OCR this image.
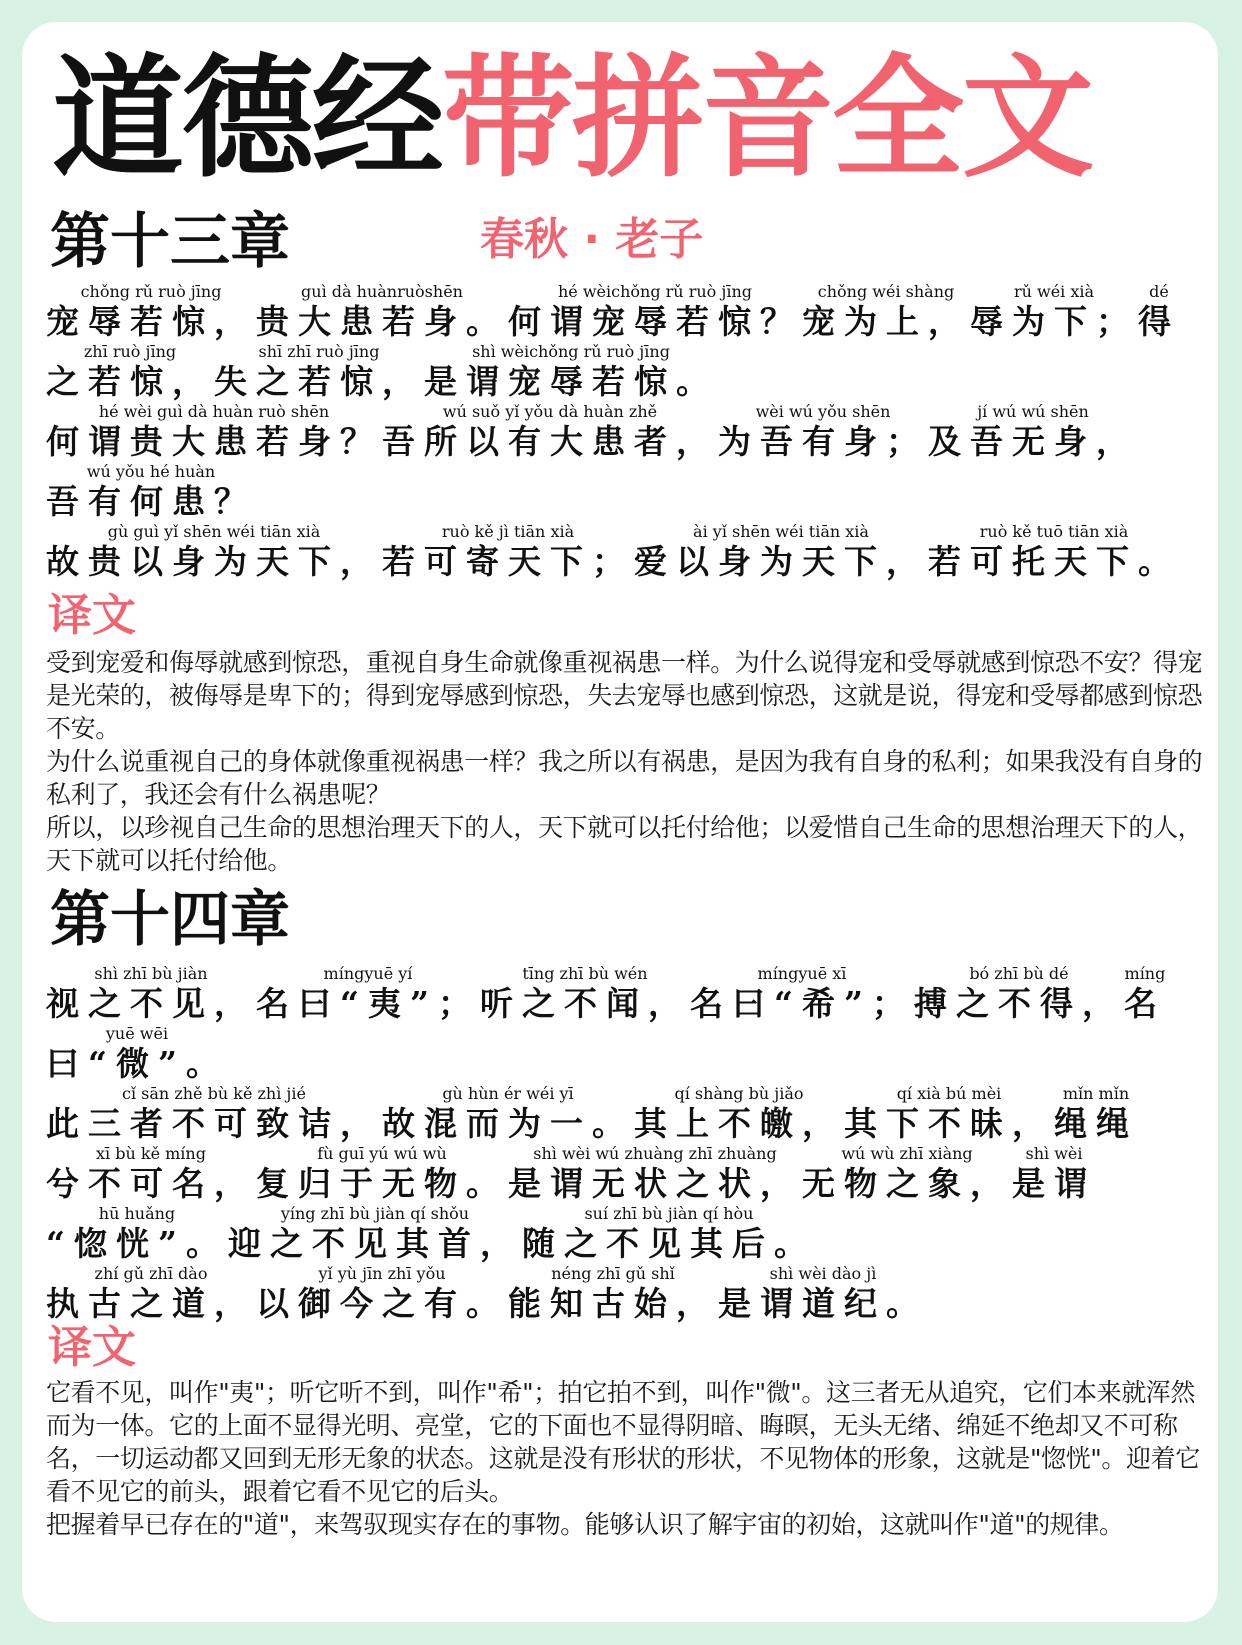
道德经带拼音全文

春秋 · 老子

第十三章
chǒng rǔ ruò jīng
宠辱若惊，
guì dà huànruòshēn
贵大患若身。
hé wèichǒng rǔ ruò jīng
何谓宠辱若惊？
chǒng wéi shàng
宠为上，
rǔ wéi xià
辱为下；
dé
得
zhī ruò jīng
之若惊，
shī zhī ruò jīng
失之若惊，
shì wèichǒng rǔ ruò jīng
是谓宠辱若惊。
hé wèi guì dà huàn ruò shēn
何谓贵大患若身？
wú suǒ yǐ yǒu dà huàn zhě
吾所以有大患者，
wèi wú yǒu shēn
为吾有身；
jí wú wú shēn
及吾无身，
wú yǒu hé huàn
吾有何患？
gù guì yǐ shēn wéi tiān xià
故贵以身为天下，
ruò kě jì tiān xià
若可寄天下；
ài yǐ shēn wéi tiān xià
爱以身为天下，
ruò kě tuō tiān xià
若可托天下。
译文

受到宠爱和侮辱就感到惊恐，重视自身生命就像重视祸患一样。为什么说得宠和受辱就感到惊恐不安？得宠是光荣的，被侮辱是卑下的；得到宠辱感到惊恐，失去宠辱也感到惊恐，这就是说，得宠和受辱都感到惊恐不安。

为什么说重视自己的身体就像重视祸患一样？我之所以有祸患，是因为我有自身的私利；如果我没有自身的私利了，我还会有什么祸患呢？

所以，以珍视自己生命的思想治理天下的人，天下就可以托付给他；以爱惜自己生命的思想治理天下的人，天下就可以托付给他。

第十四章
shì zhī bù jiàn
视之不见，
míngyuē yí
名曰“夷”；
tīng zhī bù wén
听之不闻，
míngyuē xī
名曰“希”；
bó zhī bù dé
搏之不得，
míng
名
yuē wēi
曰“微”。
cǐ sān zhě bù kě zhì jié
此三者不可致诘，
gù hùn ér wéi yī
故混而为一。
qí shàng bù jiǎo
其上不皦，
qí xià bú mèi
其下不昧，
mǐn mǐn
绳绳
xī bù kě míng
兮不可名，
fù guī yú wú wù
复归于无物。
shì wèi wú zhuàng zhī zhuàng
是谓无状之状，
wú wù zhī xiàng
无物之象，
shì wèi
是谓
hū huǎng
“惚恍”。
yíng zhī bù jiàn qí shǒu
迎之不见其首，
suí zhī bù jiàn qí hòu
随之不见其后。
zhí gǔ zhī dào
执古之道，
yǐ yù jīn zhī yǒu
以御今之有。
néng zhī gǔ shǐ
能知古始，
shì wèi dào jì
是谓道纪。
译文

它看不见，叫作"夷"；听它听不到，叫作"希"；拍它拍不到，叫作"微"。这三者无从追究，它们本来就浑然而为一体。它的上面不显得光明、亮堂，它的下面也不显得阴暗、晦暝，无头无绪、绵延不绝却又不可称名，一切运动都又回到无形无象的状态。这就是没有形状的形状，不见物体的形象，这就是"惚恍"。迎着它看不见它的前头，跟着它看不见它的后头。

把握着早已存在的"道"，来驾驭现实存在的事物。能够认识了解宇宙的初始，这就叫作"道"的规律。
